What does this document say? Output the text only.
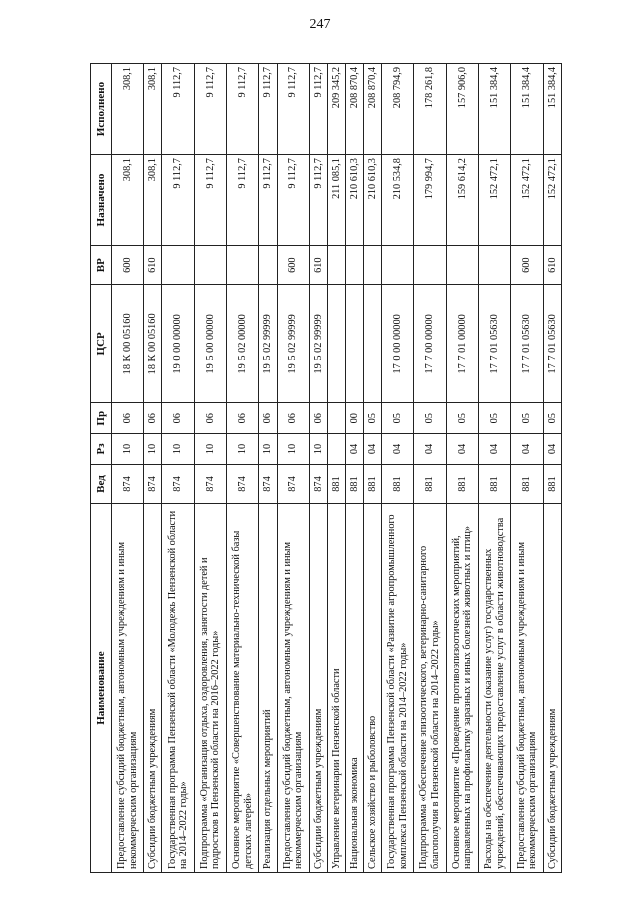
247
Наименование	Вед	Рз	Пр	ЦСР	ВР	Назначено	Исполнено
Предоставление субсидий бюджетным, автономным учреждениям и иным некоммерческим организациям	874	10	06	18 К 00 05160	600	308,1	308,1
Субсидии бюджетным учреждениям	874	10	06	18 К 00 05160	610	308,1	308,1
Государственная программа Пензенской области «Молодежь Пензенской области на 2014–2022 годы»	874	10	06	19 0 00 00000		9 112,7	9 112,7
Подпрограмма «Организация отдыха, оздоровления, занятости детей и подростков в Пензенской области на 2016–2022 годы»	874	10	06	19 5 00 00000		9 112,7	9 112,7
Основное мероприятие «Совершенствование материально-технической базы детских лагерей»	874	10	06	19 5 02 00000		9 112,7	9 112,7
Реализация отдельных мероприятий	874	10	06	19 5 02 99999		9 112,7	9 112,7
Предоставление субсидий бюджетным, автономным учреждениям и иным некоммерческим организациям	874	10	06	19 5 02 99999	600	9 112,7	9 112,7
Субсидии бюджетным учреждениям	874	10	06	19 5 02 99999	610	9 112,7	9 112,7
Управление ветеринарии Пензенской области	881					211 085,1	209 345,2
Национальная экономика	881	04	00			210 610,3	208 870,4
Сельское хозяйство и рыболовство	881	04	05			210 610,3	208 870,4
Государственная программа Пензенской области «Развитие агропромышленного комплекса Пензенской области на 2014–2022 годы»	881	04	05	17 0 00 00000		210 534,8	208 794,9
Подпрограмма «Обеспечение эпизоотического, ветеринарно-санитарного благополучия в Пензенской области на 2014–2022 годы»	881	04	05	17 7 00 00000		179 994,7	178 261,8
Основное мероприятие «Проведение противоэпизоотических мероприятий, направленных на профилактику заразных и иных болезней животных и птиц»	881	04	05	17 7 01 00000		159 614,2	157 906,0
Расходы на обеспечение деятельности (оказание услуг) государственных учреждений, обеспечивающих предоставление услуг в области животноводства	881	04	05	17 7 01 05630		152 472,1	151 384,4
Предоставление субсидий бюджетным, автономным учреждениям и иным некоммерческим организациям	881	04	05	17 7 01 05630	600	152 472,1	151 384,4
Субсидии бюджетным учреждениям	881	04	05	17 7 01 05630	610	152 472,1	151 384,4
